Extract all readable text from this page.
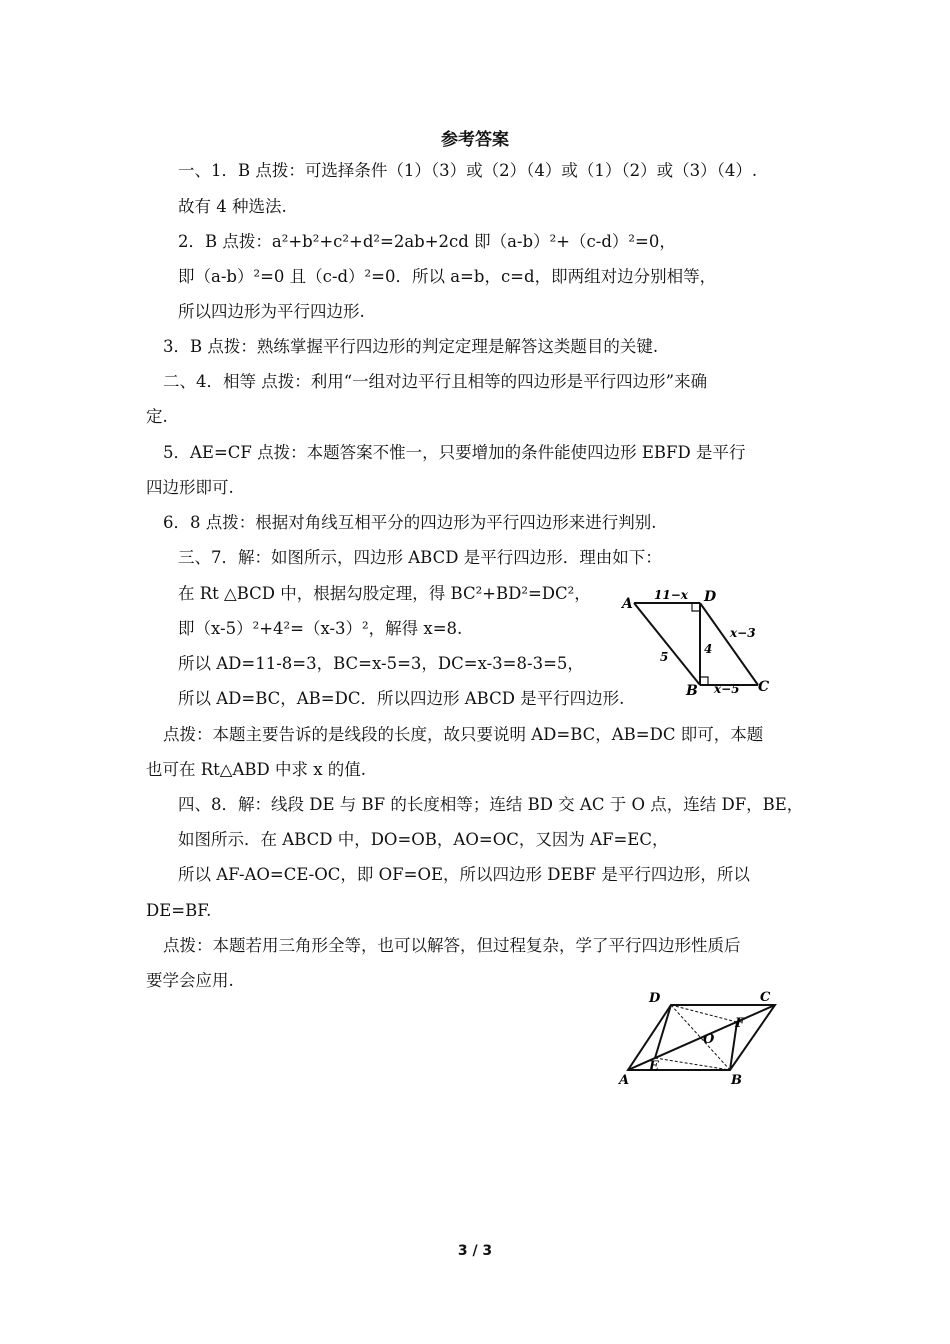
参考答案
一、1．B 点拨：可选择条件（1）（3）或（2）（4）或（1）（2）或（3）（4）.
故有 4 种选法.
2．B 点拨：a²+b²+c²+d²=2ab+2cd 即（a-b）²+（c-d）²=0，
即（a-b）²=0 且（c-d）²=0．所以 a=b，c=d，即两组对边分别相等，
所以四边形为平行四边形.
3．B 点拨：熟练掌握平行四边形的判定定理是解答这类题目的关键.
二、4．相等 点拨：利用“一组对边平行且相等的四边形是平行四边形”来确
定.
5．AE=CF 点拨：本题答案不惟一，只要增加的条件能使四边形 EBFD 是平行
四边形即可.
6．8 点拨：根据对角线互相平分的四边形为平行四边形来进行判别.
三、7．解：如图所示，四边形 ABCD 是平行四边形．理由如下：
在 Rt △BCD 中，根据勾股定理，得 BC²+BD²=DC²，
即（x-5）²+4²=（x-3）²，解得 x=8.
所以 AD=11-8=3，BC=x-5=3，DC=x-3=8-3=5，
所以 AD=BC，AB=DC．所以四边形 ABCD 是平行四边形.
点拨：本题主要告诉的是线段的长度，故只要说明 AD=BC，AB=DC 即可，本题
也可在 Rt△ABD 中求 x 的值.
四、8．解：线段 DE 与 BF 的长度相等；连结 BD 交 AC 于 O 点，连结 DF，BE，
如图所示．在 ABCD 中，DO=OB，AO=OC，又因为 AF=EC，
所以 AF-AO=CE-OC，即 OF=OE，所以四边形 DEBF 是平行四边形，所以
DE=BF.
点拨：本题若用三角形全等，也可以解答，但过程复杂，学了平行四边形性质后
要学会应用.
A	D
B	C
11−x
5
4
x−3
x−5
D	C
A	B
E
F
O
3 / 3
